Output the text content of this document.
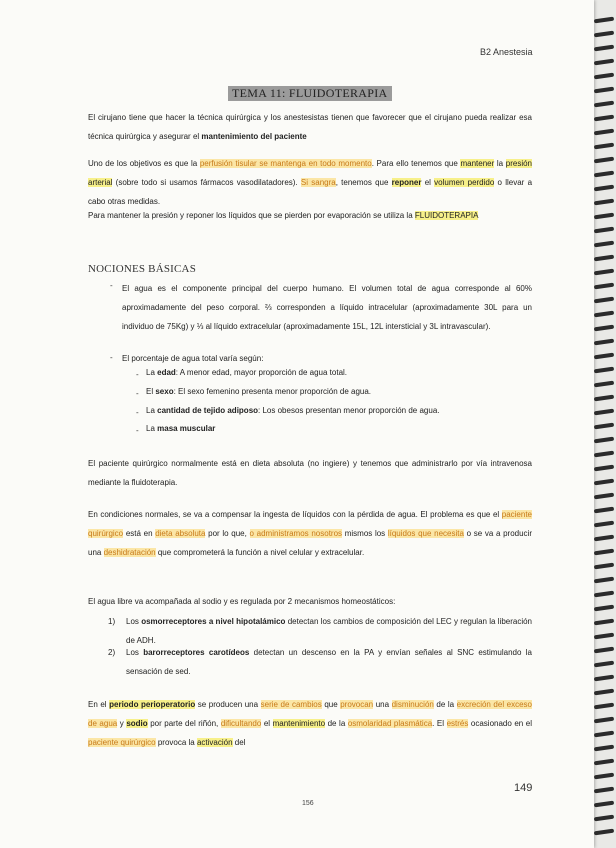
B2 Anestesia
TEMA 11: FLUIDOTERAPIA

El cirujano tiene que hacer la técnica quirúrgica y los anestesistas tienen que favorecer que el cirujano pueda realizar esa técnica quirúrgica y asegurar el mantenimiento del paciente

Uno de los objetivos es que la perfusión tisular se mantenga en todo momento. Para ello tenemos que mantener la presión arterial (sobre todo si usamos fármacos vasodilatadores). Si sangra, tenemos que reponer el volumen perdido o llevar a cabo otras medidas.

Para mantener la presión y reponer los líquidos que se pierden por evaporación se utiliza la FLUIDOTERAPIA

NOCIONES BÁSICAS
- El agua es el componente principal del cuerpo humano. El volumen total de agua corresponde al 60% aproximadamente del peso corporal. ⅔ corresponden a líquido intracelular (aproximadamente 30L para un individuo de 75Kg) y ⅓ al líquido extracelular (aproximadamente 15L, 12L intersticial y 3L intravascular).
- El porcentaje de agua total varía según:
- La edad: A menor edad, mayor proporción de agua total.
- El sexo: El sexo femenino presenta menor proporción de agua.
- La cantidad de tejido adiposo: Los obesos presentan menor proporción de agua.
- La masa muscular

El paciente quirúrgico normalmente está en dieta absoluta (no ingiere) y tenemos que administrarlo por vía intravenosa mediante la fluidoterapia.

En condiciones normales, se va a compensar la ingesta de líquidos con la pérdida de agua. El problema es que el paciente quirúrgico está en dieta absoluta por lo que, o administramos nosotros mismos los líquidos que necesita o se va a producir una deshidratación que comprometerá la función a nivel celular y extracelular.

El agua libre va acompañada al sodio y es regulada por 2 mecanismos homeostáticos:

1) Los osmorreceptores a nivel hipotalámico detectan los cambios de composición del LEC y regulan la liberación de ADH.
2) Los barorreceptores carotídeos detectan un descenso en la PA y envían señales al SNC estimulando la sensación de sed.

En el periodo perioperatorio se producen una serie de cambios que provocan una disminución de la excreción del exceso de agua y sodio por parte del riñón, dificultando el mantenimiento de la osmolaridad plasmática. El estrés ocasionado en el paciente quirúrgico provoca la activación del

149
156
